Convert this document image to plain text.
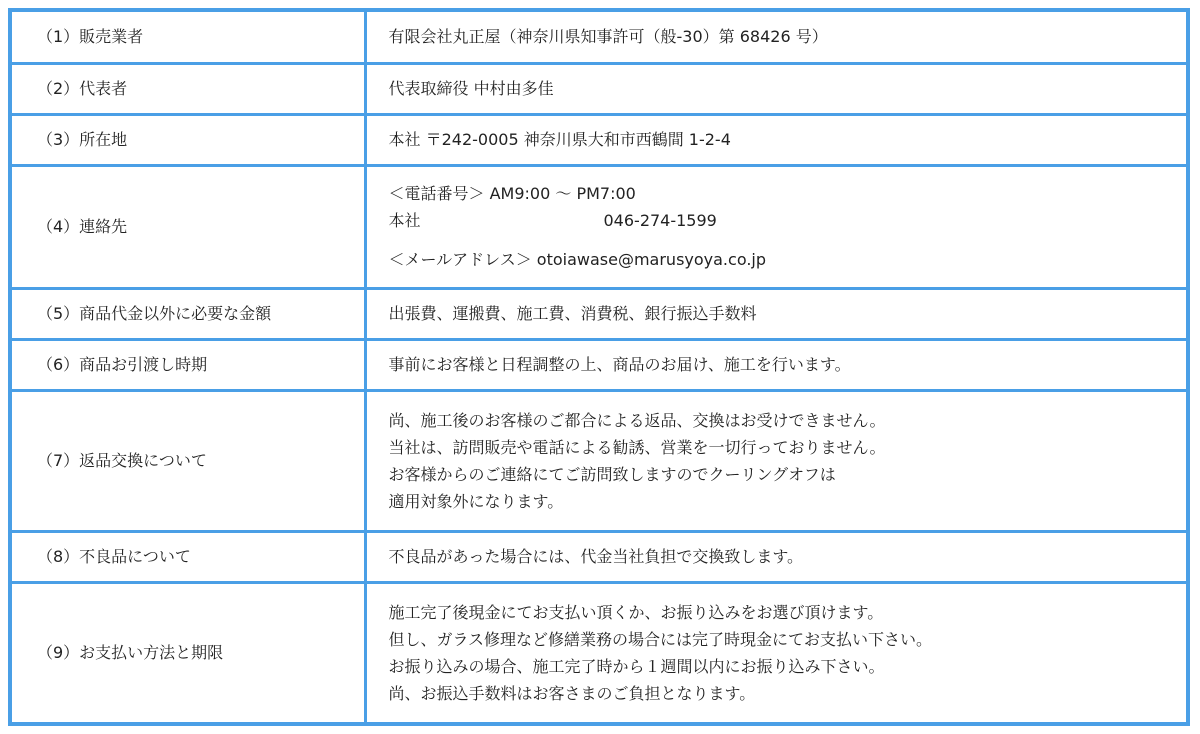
（1）販売業者	有限会社丸正屋（神奈川県知事許可（般-30）第 68426 号）

（2）代表者	代表取締役 中村由多佳

（3）所在地	本社 〒242-0005 神奈川県大和市西鶴間 1-2-4

（4）連絡先	＜電話番号＞ AM9:00 〜 PM7:00
本社 046-274-1599
＜メールアドレス＞ otoiawase@marusyoya.co.jp

（5）商品代金以外に必要な金額	出張費、運搬費、施工費、消費税、銀行振込手数料

（6）商品お引渡し時期	事前にお客様と日程調整の上、商品のお届け、施工を行います。

（7）返品交換について	尚、施工後のお客様のご都合による返品、交換はお受けできません。
当社は、訪問販売や電話による勧誘、営業を一切行っておりません。
お客様からのご連絡にてご訪問致しますのでクーリングオフは
適用対象外になります。

（8）不良品について	不良品があった場合には、代金当社負担で交換致します。

（9）お支払い方法と期限	施工完了後現金にてお支払い頂くか、お振り込みをお選び頂けます。
但し、ガラス修理など修繕業務の場合には完了時現金にてお支払い下さい。
お振り込みの場合、施工完了時から１週間以内にお振り込み下さい。
尚、お振込手数料はお客さまのご負担となります。
